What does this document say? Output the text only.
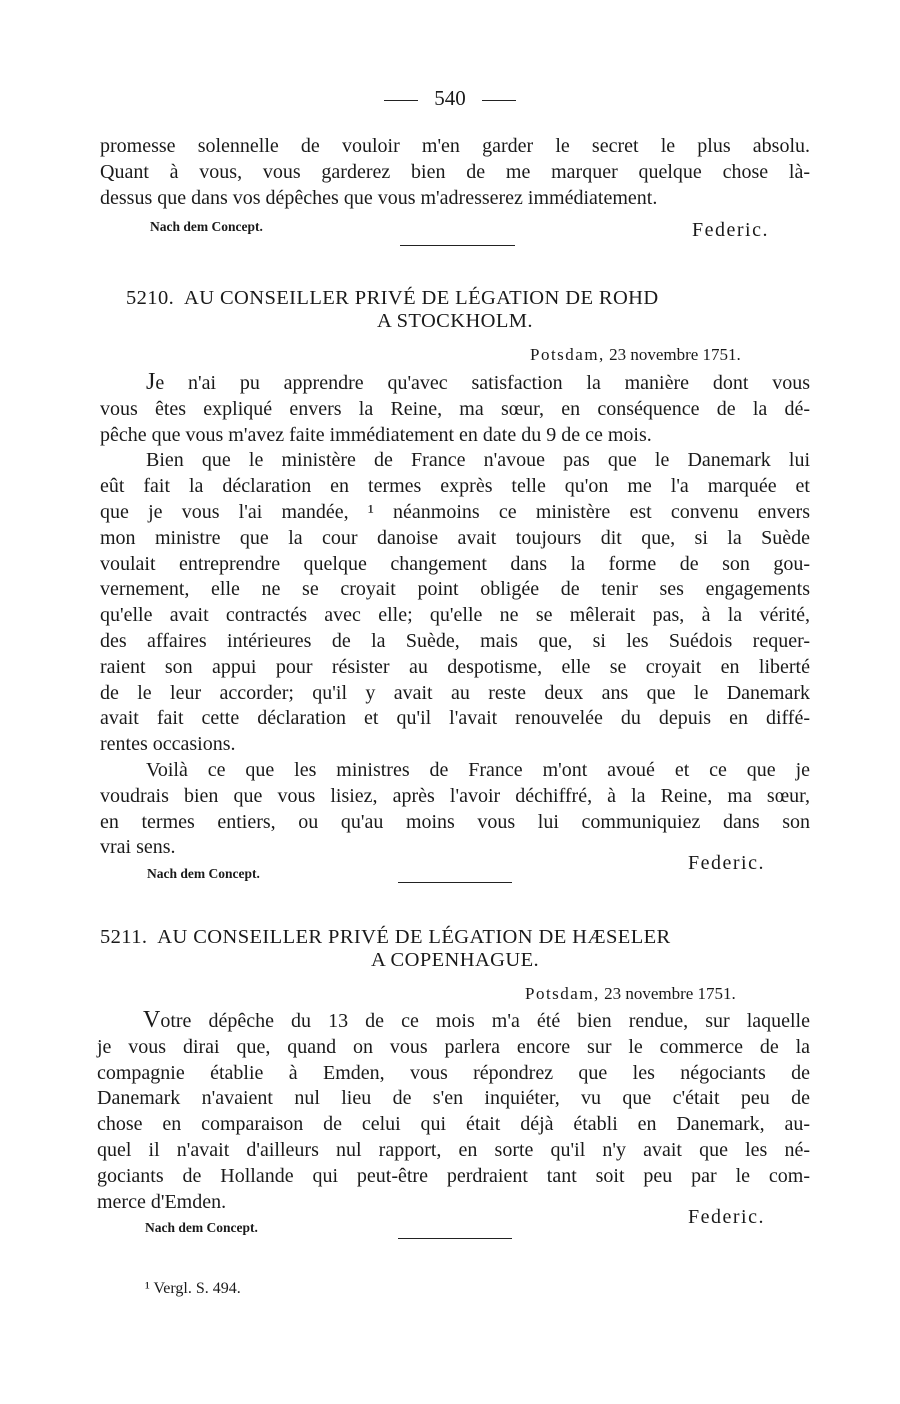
540
promesse solennelle de vouloir m'en garder le secret le plus absolu.
Quant à vous, vous garderez bien de me marquer quelque chose là-
dessus que dans vos dépêches que vous m'adresserez immédiatement.
Nach dem Concept.	Federic.
5210. AU CONSEILLER PRIVÉ DE LÉGATION DE ROHD
A STOCKHOLM.
Potsdam, 23 novembre 1751.
Je n'ai pu apprendre qu'avec satisfaction la manière dont vous
vous êtes expliqué envers la Reine, ma sœur, en conséquence de la dé-
pêche que vous m'avez faite immédiatement en date du 9 de ce mois.
Bien que le ministère de France n'avoue pas que le Danemark lui
eût fait la déclaration en termes exprès telle qu'on me l'a marquée et
que je vous l'ai mandée, ¹ néanmoins ce ministère est convenu envers
mon ministre que la cour danoise avait toujours dit que, si la Suède
voulait entreprendre quelque changement dans la forme de son gou-
vernement, elle ne se croyait point obligée de tenir ses engagements
qu'elle avait contractés avec elle; qu'elle ne se mêlerait pas, à la vérité,
des affaires intérieures de la Suède, mais que, si les Suédois requer-
raient son appui pour résister au despotisme, elle se croyait en liberté
de le leur accorder; qu'il y avait au reste deux ans que le Danemark
avait fait cette déclaration et qu'il l'avait renouvelée du depuis en diffé-
rentes occasions.
Voilà ce que les ministres de France m'ont avoué et ce que je
voudrais bien que vous lisiez, après l'avoir déchiffré, à la Reine, ma sœur,
en termes entiers, ou qu'au moins vous lui communiquiez dans son
vrai sens.
Nach dem Concept.	Federic.
5211. AU CONSEILLER PRIVÉ DE LÉGATION DE HÆSELER
A COPENHAGUE.
Potsdam, 23 novembre 1751.
Votre dépêche du 13 de ce mois m'a été bien rendue, sur laquelle
je vous dirai que, quand on vous parlera encore sur le commerce de la
compagnie établie à Emden, vous répondrez que les négociants de
Danemark n'avaient nul lieu de s'en inquiéter, vu que c'était peu de
chose en comparaison de celui qui était déjà établi en Danemark, au-
quel il n'avait d'ailleurs nul rapport, en sorte qu'il n'y avait que les né-
gociants de Hollande qui peut-être perdraient tant soit peu par le com-
merce d'Emden.
Nach dem Concept.	Federic.
¹ Vergl. S. 494.
